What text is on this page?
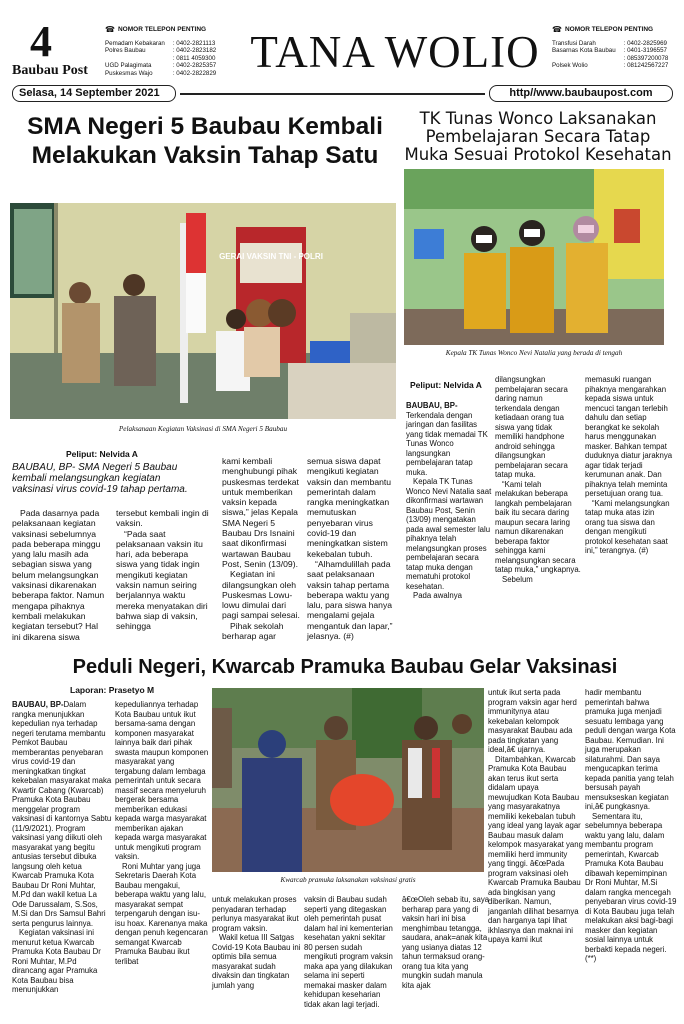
4
Baubau Post
☎ NOMOR TELEPON PENTING
Pemadam Kebakaran
Polres Baubau

UGD Palagimata
Puskesmas Wajo
: 0402-2821113
: 0402-2823182
: 0811 4059300
: 0402-2825357
: 0402-2822829 TANA WOLIO	☎ NOMOR TELEPON PENTING
Transfusi Darah
Basarnas Kota Baubau

Polsek Wolio
: 0402-2825969
: 0401-3196557
: 085397200078
: 081242567227
Selasa, 14 September 2021	http//www.baubaupost.com
SMA Negeri 5 Baubau Kembali Melakukan Vaksin Tahap Satu
GERAI VAKSIN TNI - POLRI
Pelaksanaan Kegiatan Vaksinasi di SMA Negeri 5 Baubau
Peliput: Nelvida A
BAUBAU, BP- SMA Negeri 5 Baubau kembali melangsungkan kegiatan vaksinasi virus covid-19 tahap pertama.

Pada dasarnya pada pelaksanaan kegiatan vaksinasi sebelumnya pada beberapa minggu yang lalu masih ada sebagian siswa yang belum melangsungkan vaksinasi dikarenakan beberapa faktor. Namun mengapa pihaknya kembali melakukan kegiatan tersebut? Hal ini dikarena siswa

tersebut kembali ingin di vaksin.

“Pada saat pelaksanaan vaksin itu hari, ada beberapa siswa yang tidak ingin mengikuti kegiatan vaksin namun seiring berjalannya waktu mereka menyatakan diri bahwa siap di vaksin, sehingga

kami kembali menghubungi pihak puskesmas terdekat untuk memberikan vaksin kepada siswa,” jelas Kepala SMA Negeri 5 Baubau Drs Isnaini saat dikonfirmasi wartawan Baubau Post, Senin (13/09).

Kegiatan ini dilangsungkan oleh Puskesmas Lowu-lowu dimulai dari pagi sampai selesai.

Pihak sekolah berharap agar

semua siswa dapat mengikuti kegiatan vaksin dan membantu pemerintah dalam rangka meningkatkan memutuskan penyebaran virus covid-19 dan meningkatkan sistem kekebalan tubuh.

“Alhamdulillah pada saat pelaksanaan vaksin tahap pertama beberapa waktu yang lalu, para siswa hanya mengalami gejala mengantuk dan lapar,” jelasnya. (#)

TK Tunas Wonco Laksanakan Pembelajaran Secara Tatap Muka Sesuai Protokol Kesehatan
Kepala TK Tunas Wonco Nevi Natalia yang berada di tengah
Peliput: Nelvida A

BAUBAU, BP-

Terkendala dengan jaringan dan fasilitas yang tidak memadai TK Tunas Wonco langsungkan pembelajaran tatap muka.

Kepala TK Tunas Wonco Nevi Natalia saat dikonfirmasi wartawan Baubau Post, Senin (13/09) mengatakan pada awal semester lalu pihaknya telah melangsungkan proses pembelajaran secara tatap muka dengan mematuhi protokol kesehatan.

Pada awalnya

dilangsungkan pembelajaran secara daring namun terkendala dengan ketiadaan orang tua siswa yang tidak memiliki handphone android sehingga dilangsungkan pembelajaran secara tatap muka.

“Kami telah melakukan beberapa langkah pembelajaran baik itu secara daring maupun secara laring namun dikarenakan beberapa faktor sehingga kami melangsungkan secara tatap muka,” ungkapnya.

Sebelum

memasuki ruangan pihaknya mengarahkan kepada siswa untuk mencuci tangan terlebih dahulu dan setiap berangkat ke sekolah harus menggunakan masker. Bahkan tempat duduknya diatur jaraknya agar tidak terjadi kerumunan anak. Dan pihaknya telah meminta persetujuan orang tua.

“Kami melangsungkan tatap muka atas izin orang tua siswa dan dengan mengikuti protokol kesehatan saat ini,” terangnya. (#)

Peduli Negeri, Kwarcab Pramuka Baubau Gelar Vaksinasi
Laporan: Prasetyo M
Kwarcab pramuka laksanakan vaksinasi gratis

BAUBAU, BP-Dalam rangka menunjukkan kepedulian nya terhadap negeri terutama membantu Pemkot Baubau memberantas penyebaran virus covid-19 dan meningkatkan tingkat kekebalan masyarakat maka Kwartir Cabang (Kwarcab) Pramuka Kota Baubau menggelar program vaksinasi di kantornya Sabtu (11/9/2021). Program vaksinasi yang diikuti oleh masyarakat yang begitu antusias tersebut dibuka langsung oleh ketua Kwarcab Pramuka Kota Baubau Dr Roni Muhtar, M.Pd dan wakil ketua La Ode Darussalam, S.Sos, M.Si dan Drs Samsul Bahri serta pengurus lainnya.

Kegiatan vaksinasi ini menurut ketua Kwarcab Pramuka Kota Baubau Dr Roni Muhtar, M.Pd dirancang agar Pramuka Kota Baubau bisa menunjukkan

kepeduliannya terhadap Kota Baubau untuk ikut bersama-sama dengan komponen masyarakat lainnya baik dari pihak swasta maupun komponen masyarakat yang tergabung dalam lembaga pemerintah untuk secara massif secara menyeluruh bergerak bersama memberikan edukasi kepada warga masyarakat memberikan ajakan kepada warga masyarakat untuk mengikuti program vaksin.

Roni Muhtar yang juga Sekretaris Daerah Kota Baubau mengakui, beberapa waktu yang lalu, masyarakat sempat terpengaruh dengan isu-isu hoax. Karenanya maka dengan penuh kegencaran semangat Kwarcab Pramuka Baubau ikut terlibat

untuk melakukan proses penyadaran terhadap perlunya masyarakat ikut program vaksin.

Wakil ketua III Satgas Covid-19 Kota Baubau ini optimis bila semua masyarakat sudah divaksin dan tingkatan jumlah yang

vaksin di Baubau sudah seperti yang ditegaskan oleh pemerintah pusat dalam hal ini kementerian kesehatan yakni sekitar 80 persen sudah mengikuti program vaksin maka apa yang dilakukan selama ini seperti memakai masker dalam kehidupan keseharian tidak akan lagi terjadi.

â€œOleh sebab itu, saya berharap para yang di vaksin hari ini bisa menghimbau tetangga, saudara, anak=anak kita yang usianya diatas 12 tahun termaksud orang-orang tua kita yang mungkin sudah manula kita ajak

untuk ikut serta pada program vaksin agar herd immunitynya atau kekebalan kelompok masyarakat Baubau ada pada tingkatan yang ideal,â€ ujarnya.

Ditambahkan, Kwarcab Pramuka Kota Baubau akan terus ikut serta didalam upaya mewujudkan Kota Baubau yang masyarakatnya memiliki kekebalan tubuh yang ideal yang layak agar Baubau masuk dalam kelompok masyarakat yang memiliki herd immunity yang tinggi. â€œPada program vaksinasi oleh Kwarcab Pramuka Baubau ada bingkisan yang diberikan. Namun, janganlah dilihat besarnya dan harganya tapi lihat ikhlasnya dan maknai ini upaya kami ikut

hadir membantu pemerintah bahwa pramuka juga menjadi sesuatu lembaga yang peduli dengan warga Kota Baubau. Kemudian. Ini juga merupakan silaturahmi. Dan saya mengucapkan terima kepada panitia yang telah bersusah payah mensukseskan kegiatan ini,â€ pungkasnya.

Sementara itu, sebelumnya beberapa waktu yang lalu, dalam membantu program pemerintah, Kwarcab Pramuka Kota Baubau dibawah kepemimpinan Dr Roni Muhtar, M.Si dalam rangka mencegah penyebaran virus covid-19 di Kota Baubau juga telah melakukan aksi bagi-bagi masker dan kegiatan sosial lainnya untuk berbakti kepada negeri.(**)
